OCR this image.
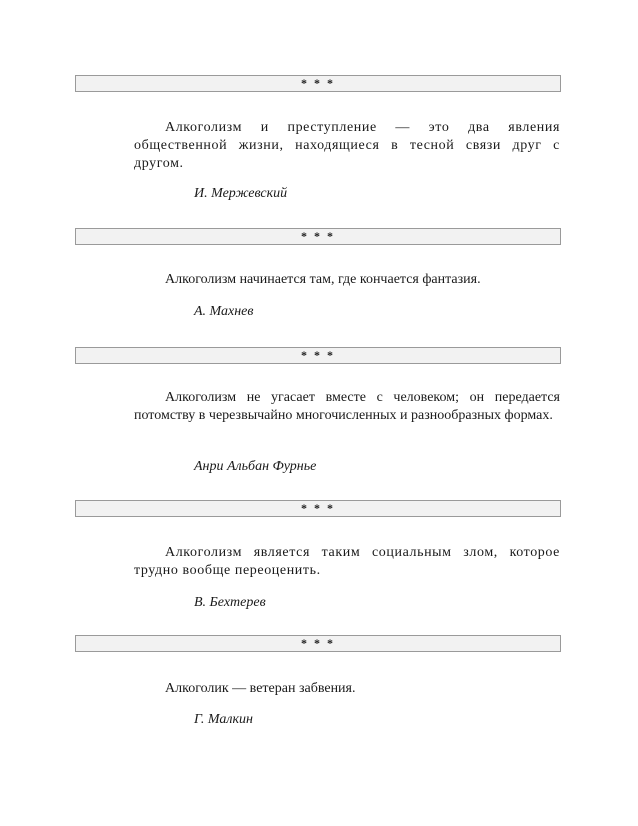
* * *

Алкоголизм и преступление — это два явления общественной жизни, находящиеся в тесной связи друг с другом.

И. Мержевский

* * *

Алкоголизм начинается там, где кончается фантазия.

А. Махнев

* * *

Алкоголизм не угасает вместе с человеком; он передается потомству в черезвычайно многочисленных и разнообразных формах.

Анри Альбан Фурнье

* * *

Алкоголизм является таким социальным злом, которое трудно вообще переоценить.

В. Бехтерев

* * *

Алкоголик — ветеран забвения.

Г. Малкин
